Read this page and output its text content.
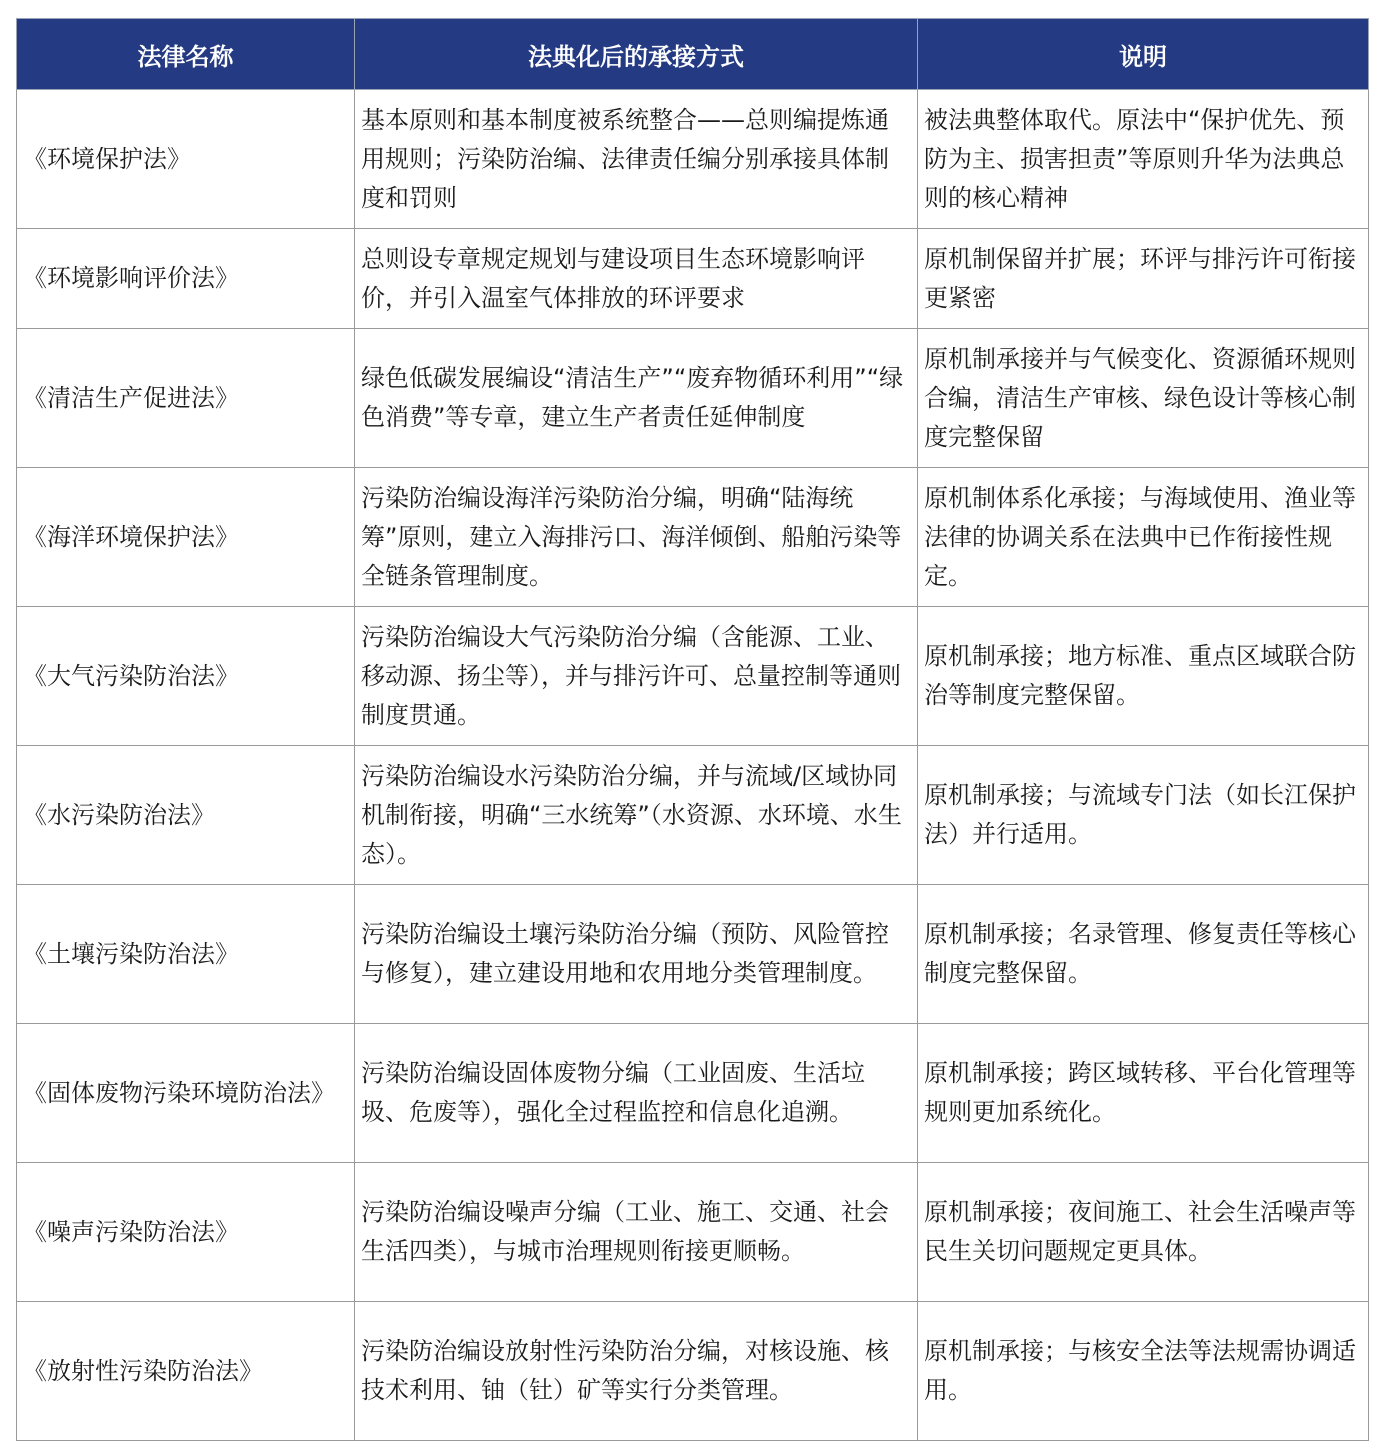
法律名称	法典化后的承接方式	说明
《环境保护法》	基本原则和基本制度被系统整合——总则编提炼通用规则；污染防治编、法律责任编分别承接具体制度和罚则	被法典整体取代。原法中“保护优先、预防为主、损害担责”等原则升华为法典总则的核心精神
《环境影响评价法》	总则设专章规定规划与建设项目生态环境影响评价，并引入温室气体排放的环评要求	原机制保留并扩展；环评与排污许可衔接更紧密
《清洁生产促进法》	绿色低碳发展编设“清洁生产”“废弃物循环利用”“绿色消费”等专章，建立生产者责任延伸制度	原机制承接并与气候变化、资源循环规则合编，清洁生产审核、绿色设计等核心制度完整保留
《海洋环境保护法》	污染防治编设海洋污染防治分编，明确“陆海统筹”原则，建立入海排污口、海洋倾倒、船舶污染等全链条管理制度。	原机制体系化承接；与海域使用、渔业等法律的协调关系在法典中已作衔接性规定。
《大气污染防治法》	污染防治编设大气污染防治分编（含能源、工业、移动源、扬尘等），并与排污许可、总量控制等通则制度贯通。	原机制承接；地方标准、重点区域联合防治等制度完整保留。
《水污染防治法》	污染防治编设水污染防治分编，并与流域/区域协同机制衔接，明确“三水统筹”（水资源、水环境、水生态）。	原机制承接；与流域专门法（如长江保护法）并行适用。
《土壤污染防治法》	污染防治编设土壤污染防治分编（预防、风险管控与修复），建立建设用地和农用地分类管理制度。	原机制承接；名录管理、修复责任等核心制度完整保留。
《固体废物污染环境防治法》	污染防治编设固体废物分编（工业固废、生活垃圾、危废等），强化全过程监控和信息化追溯。	原机制承接；跨区域转移、平台化管理等规则更加系统化。
《噪声污染防治法》	污染防治编设噪声分编（工业、施工、交通、社会生活四类），与城市治理规则衔接更顺畅。	原机制承接；夜间施工、社会生活噪声等民生关切问题规定更具体。
《放射性污染防治法》	污染防治编设放射性污染防治分编，对核设施、核技术利用、铀（钍）矿等实行分类管理。	原机制承接；与核安全法等法规需协调适用。
